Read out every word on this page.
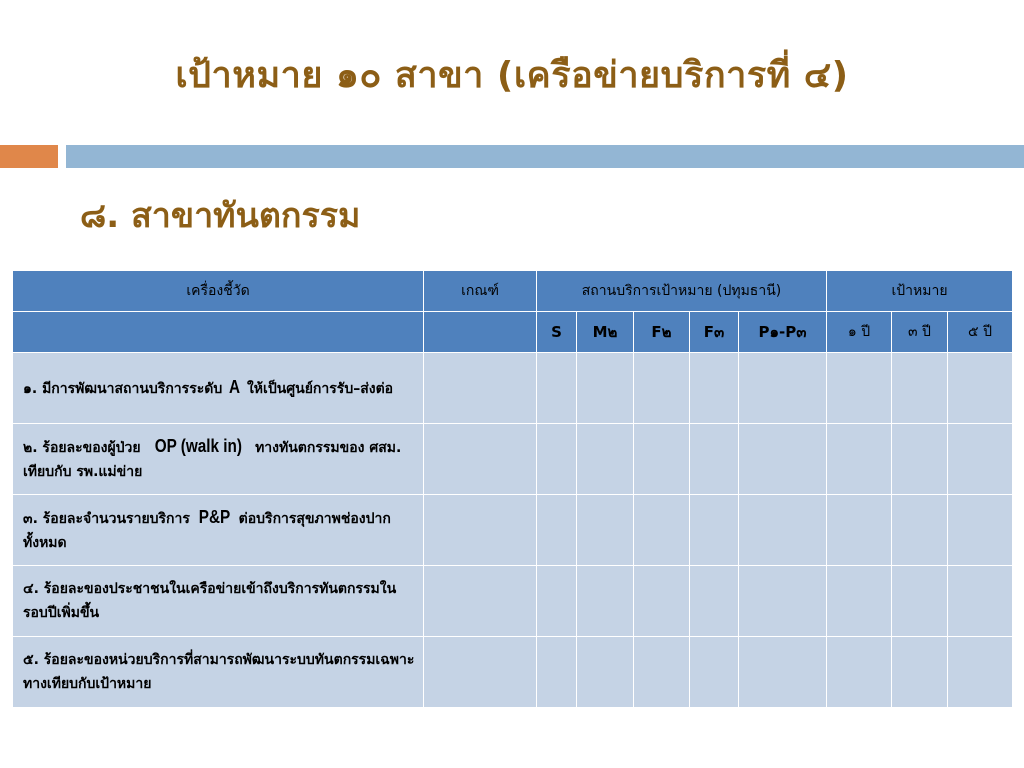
เป้าหมาย ๑๐ สาขา (เครือข่ายบริการที่ ๔)
๘. สาขาทันตกรรม
เครื่องชี้วัด	เกณฑ์	สถานบริการเป้าหมาย (ปทุมธานี)					เป้าหมาย		
		S	M๒	F๒	F๓	P๑-P๓	๑ ปี	๓ ปี	๕ ปี
๑. มีการพัฒนาสถานบริการระดับ A ให้เป็นศูนย์การรับ–ส่งต่อ									
๒. ร้อยละของผู้ป่วย OP (walk in) ทางทันตกรรมของ ศสม. เทียบกับ รพ.แม่ข่าย									
๓. ร้อยละจำนวนรายบริการ P&P ต่อบริการสุขภาพช่องปากทั้งหมด									
๔. ร้อยละของประชาชนในเครือข่ายเข้าถึงบริการทันตกรรมในรอบปีเพิ่มขึ้น									
๕. ร้อยละของหน่วยบริการที่สามารถพัฒนาระบบทันตกรรมเฉพาะทางเทียบกับเป้าหมาย									
